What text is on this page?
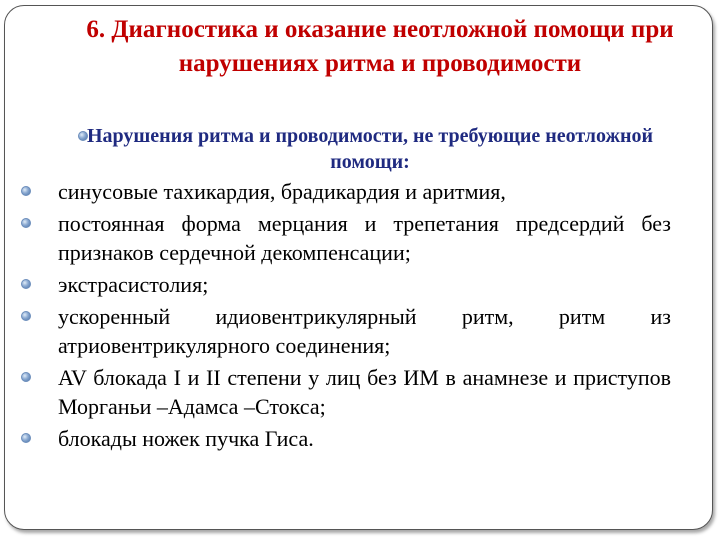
6. Диагностика и оказание неотложной помощи при нарушениях ритма и проводимости
Нарушения ритма и проводимости, не требующие неотложной помощи:
синусовые тахикардия, брадикардия и аритмия,
постоянная форма мерцания и трепетания предсердий без признаков сердечной декомпенсации;
экстрасистолия;
ускоренный идиовентрикулярный ритм, ритм из атриовентрикулярного соединения;
AV блокада I и II степени у лиц без ИМ в анамнезе и приступов Морганьи –Адамса –Стокса;
блокады ножек пучка Гиса.
